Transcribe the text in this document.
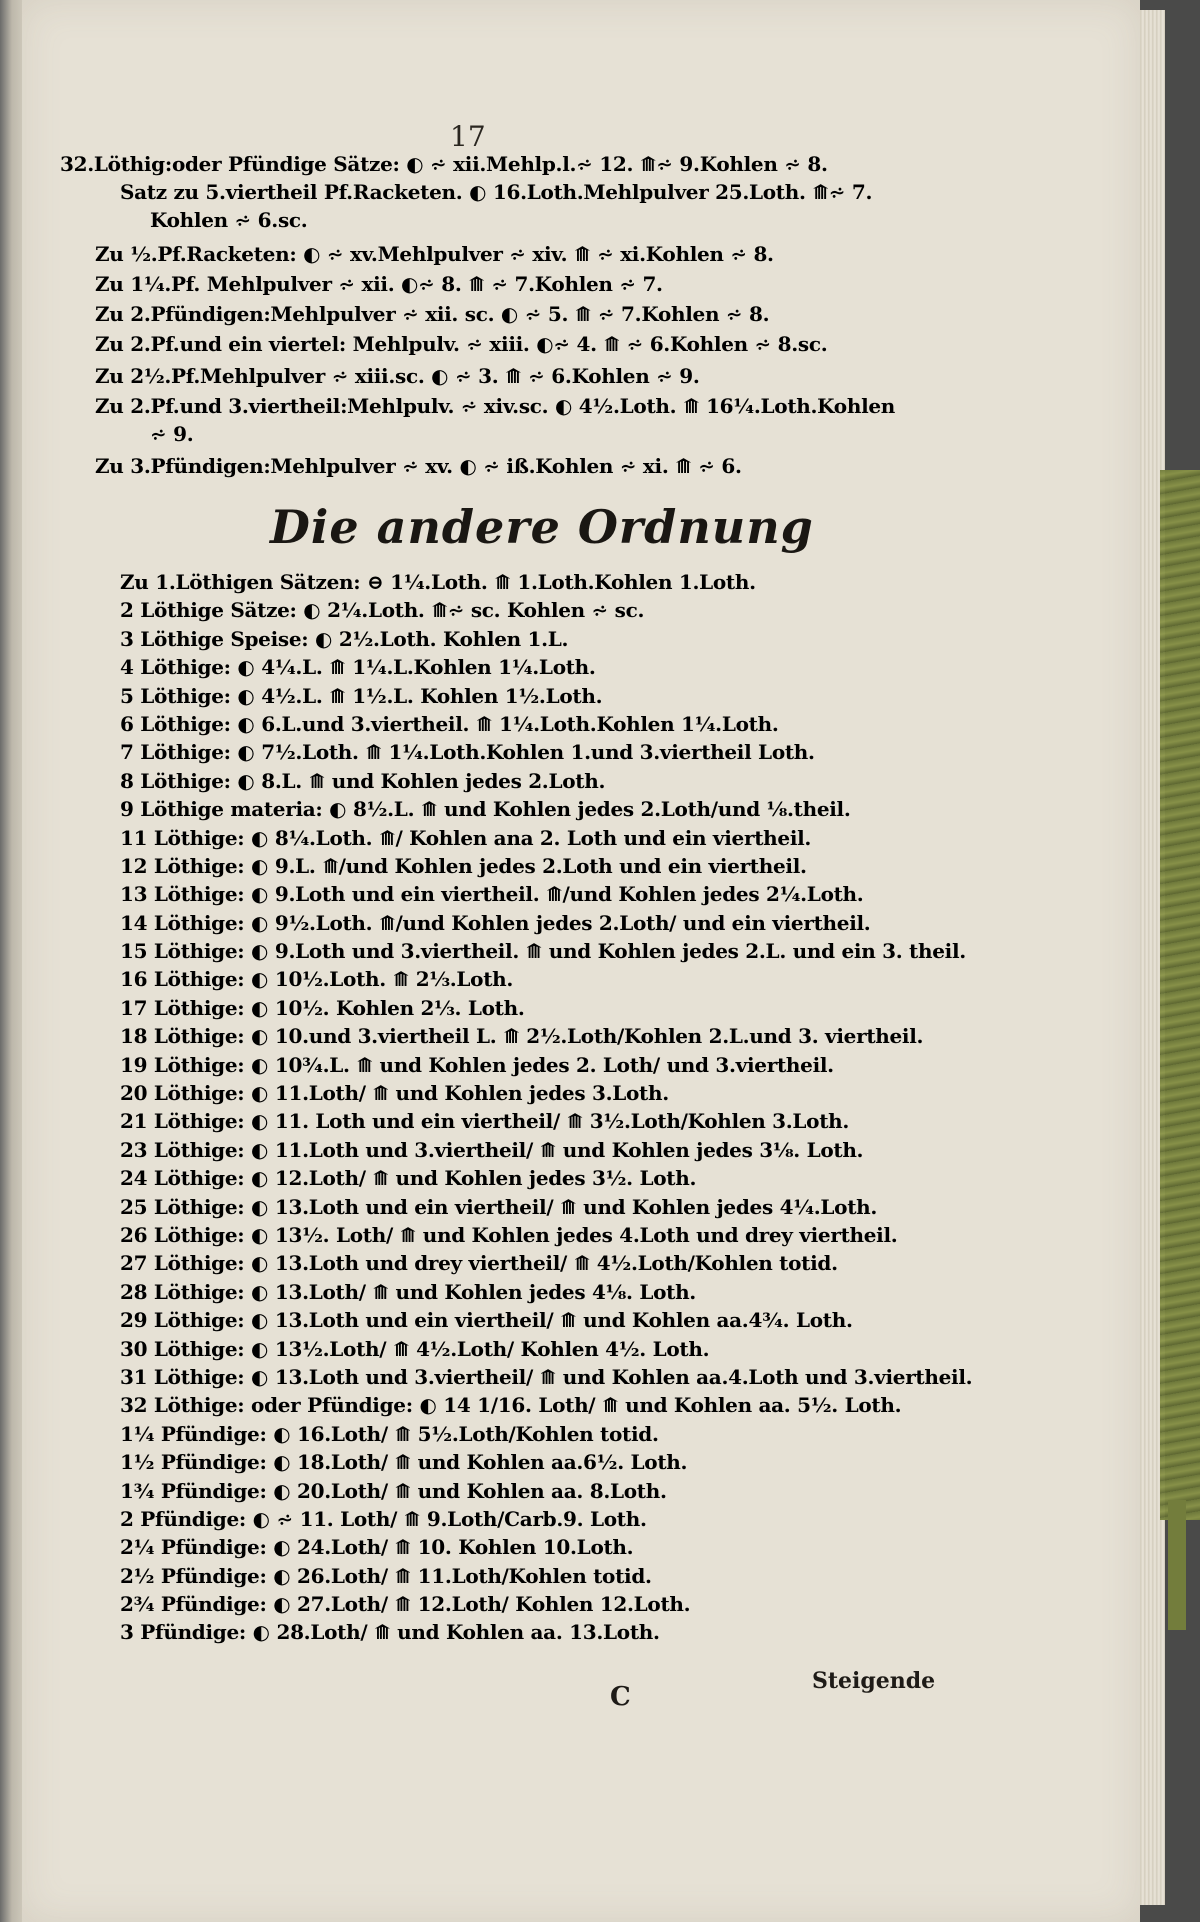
17
32.Löthig:oder Pfündige Sätze: ◐ ⩫ xii.Mehlp.l.⩫ 12. ⟰⩫ 9.Kohlen ⩫ 8.
Satz zu 5.viertheil Pf.Racketen. ◐ 16.Loth.Mehlpulver 25.Loth. ⟰⩫ 7.
Kohlen ⩫ 6.sc.
Zu ½.Pf.Racketen: ◐ ⩫ xv.Mehlpulver ⩫ xiv. ⟰ ⩫ xi.Kohlen ⩫ 8.
Zu 1¼.Pf. Mehlpulver ⩫ xii. ◐⩫ 8. ⟰ ⩫ 7.Kohlen ⩫ 7.
Zu 2.Pfündigen:Mehlpulver ⩫ xii. sc. ◐ ⩫ 5. ⟰ ⩫ 7.Kohlen ⩫ 8.
Zu 2.Pf.und ein viertel: Mehlpulv. ⩫ xiii. ◐⩫ 4. ⟰ ⩫ 6.Kohlen ⩫ 8.sc.
Zu 2½.Pf.Mehlpulver ⩫ xiii.sc. ◐ ⩫ 3. ⟰ ⩫ 6.Kohlen ⩫ 9.
Zu 2.Pf.und 3.viertheil:Mehlpulv. ⩫ xiv.sc. ◐ 4½.Loth. ⟰ 16¼.Loth.Kohlen
⩫ 9.
Zu 3.Pfündigen:Mehlpulver ⩫ xv. ◐ ⩫ iß.Kohlen ⩫ xi. ⟰ ⩫ 6.
Die andere Ordnung
Zu 1.Löthigen Sätzen: ⊖ 1¼.Loth. ⟰ 1.Loth.Kohlen 1.Loth.
2 Löthige Sätze: ◐ 2¼.Loth. ⟰⩫ sc. Kohlen ⩫ sc.
3 Löthige Speise: ◐ 2½.Loth. Kohlen 1.L.
4 Löthige: ◐ 4¼.L. ⟰ 1¼.L.Kohlen 1¼.Loth.
5 Löthige: ◐ 4½.L. ⟰ 1½.L. Kohlen 1½.Loth.
6 Löthige: ◐ 6.L.und 3.viertheil. ⟰ 1¼.Loth.Kohlen 1¼.Loth.
7 Löthige: ◐ 7½.Loth. ⟰ 1¼.Loth.Kohlen 1.und 3.viertheil Loth.
8 Löthige: ◐ 8.L. ⟰ und Kohlen jedes 2.Loth.
9 Löthige materia: ◐ 8½.L. ⟰ und Kohlen jedes 2.Loth/und ⅛.theil.
11 Löthige: ◐ 8¼.Loth. ⟰/ Kohlen ana 2. Loth und ein viertheil.
12 Löthige: ◐ 9.L. ⟰/und Kohlen jedes 2.Loth und ein viertheil.
13 Löthige: ◐ 9.Loth und ein viertheil. ⟰/und Kohlen jedes 2¼.Loth.
14 Löthige: ◐ 9½.Loth. ⟰/und Kohlen jedes 2.Loth/ und ein viertheil.
15 Löthige: ◐ 9.Loth und 3.viertheil. ⟰ und Kohlen jedes 2.L. und ein 3. theil.
16 Löthige: ◐ 10½.Loth. ⟰ 2⅓.Loth.
17 Löthige: ◐ 10½. Kohlen 2⅓. Loth.
18 Löthige: ◐ 10.und 3.viertheil L. ⟰ 2½.Loth/Kohlen 2.L.und 3. viertheil.
19 Löthige: ◐ 10¾.L. ⟰ und Kohlen jedes 2. Loth/ und 3.viertheil.
20 Löthige: ◐ 11.Loth/ ⟰ und Kohlen jedes 3.Loth.
21 Löthige: ◐ 11. Loth und ein viertheil/ ⟰ 3½.Loth/Kohlen 3.Loth.
23 Löthige: ◐ 11.Loth und 3.viertheil/ ⟰ und Kohlen jedes 3⅛. Loth.
24 Löthige: ◐ 12.Loth/ ⟰ und Kohlen jedes 3½. Loth.
25 Löthige: ◐ 13.Loth und ein viertheil/ ⟰ und Kohlen jedes 4¼.Loth.
26 Löthige: ◐ 13½. Loth/ ⟰ und Kohlen jedes 4.Loth und drey viertheil.
27 Löthige: ◐ 13.Loth und drey viertheil/ ⟰ 4½.Loth/Kohlen totid.
28 Löthige: ◐ 13.Loth/ ⟰ und Kohlen jedes 4⅛. Loth.
29 Löthige: ◐ 13.Loth und ein viertheil/ ⟰ und Kohlen aa.4¾. Loth.
30 Löthige: ◐ 13½.Loth/ ⟰ 4½.Loth/ Kohlen 4½. Loth.
31 Löthige: ◐ 13.Loth und 3.viertheil/ ⟰ und Kohlen aa.4.Loth und 3.viertheil.
32 Löthige: oder Pfündige: ◐ 14 1/16. Loth/ ⟰ und Kohlen aa. 5½. Loth.
1¼ Pfündige: ◐ 16.Loth/ ⟰ 5½.Loth/Kohlen totid.
1½ Pfündige: ◐ 18.Loth/ ⟰ und Kohlen aa.6½. Loth.
1¾ Pfündige: ◐ 20.Loth/ ⟰ und Kohlen aa. 8.Loth.
2 Pfündige: ◐ ⩫ 11. Loth/ ⟰ 9.Loth/Carb.9. Loth.
2¼ Pfündige: ◐ 24.Loth/ ⟰ 10. Kohlen 10.Loth.
2½ Pfündige: ◐ 26.Loth/ ⟰ 11.Loth/Kohlen totid.
2¾ Pfündige: ◐ 27.Loth/ ⟰ 12.Loth/ Kohlen 12.Loth.
3 Pfündige: ◐ 28.Loth/ ⟰ und Kohlen aa. 13.Loth.
C
Steigende
